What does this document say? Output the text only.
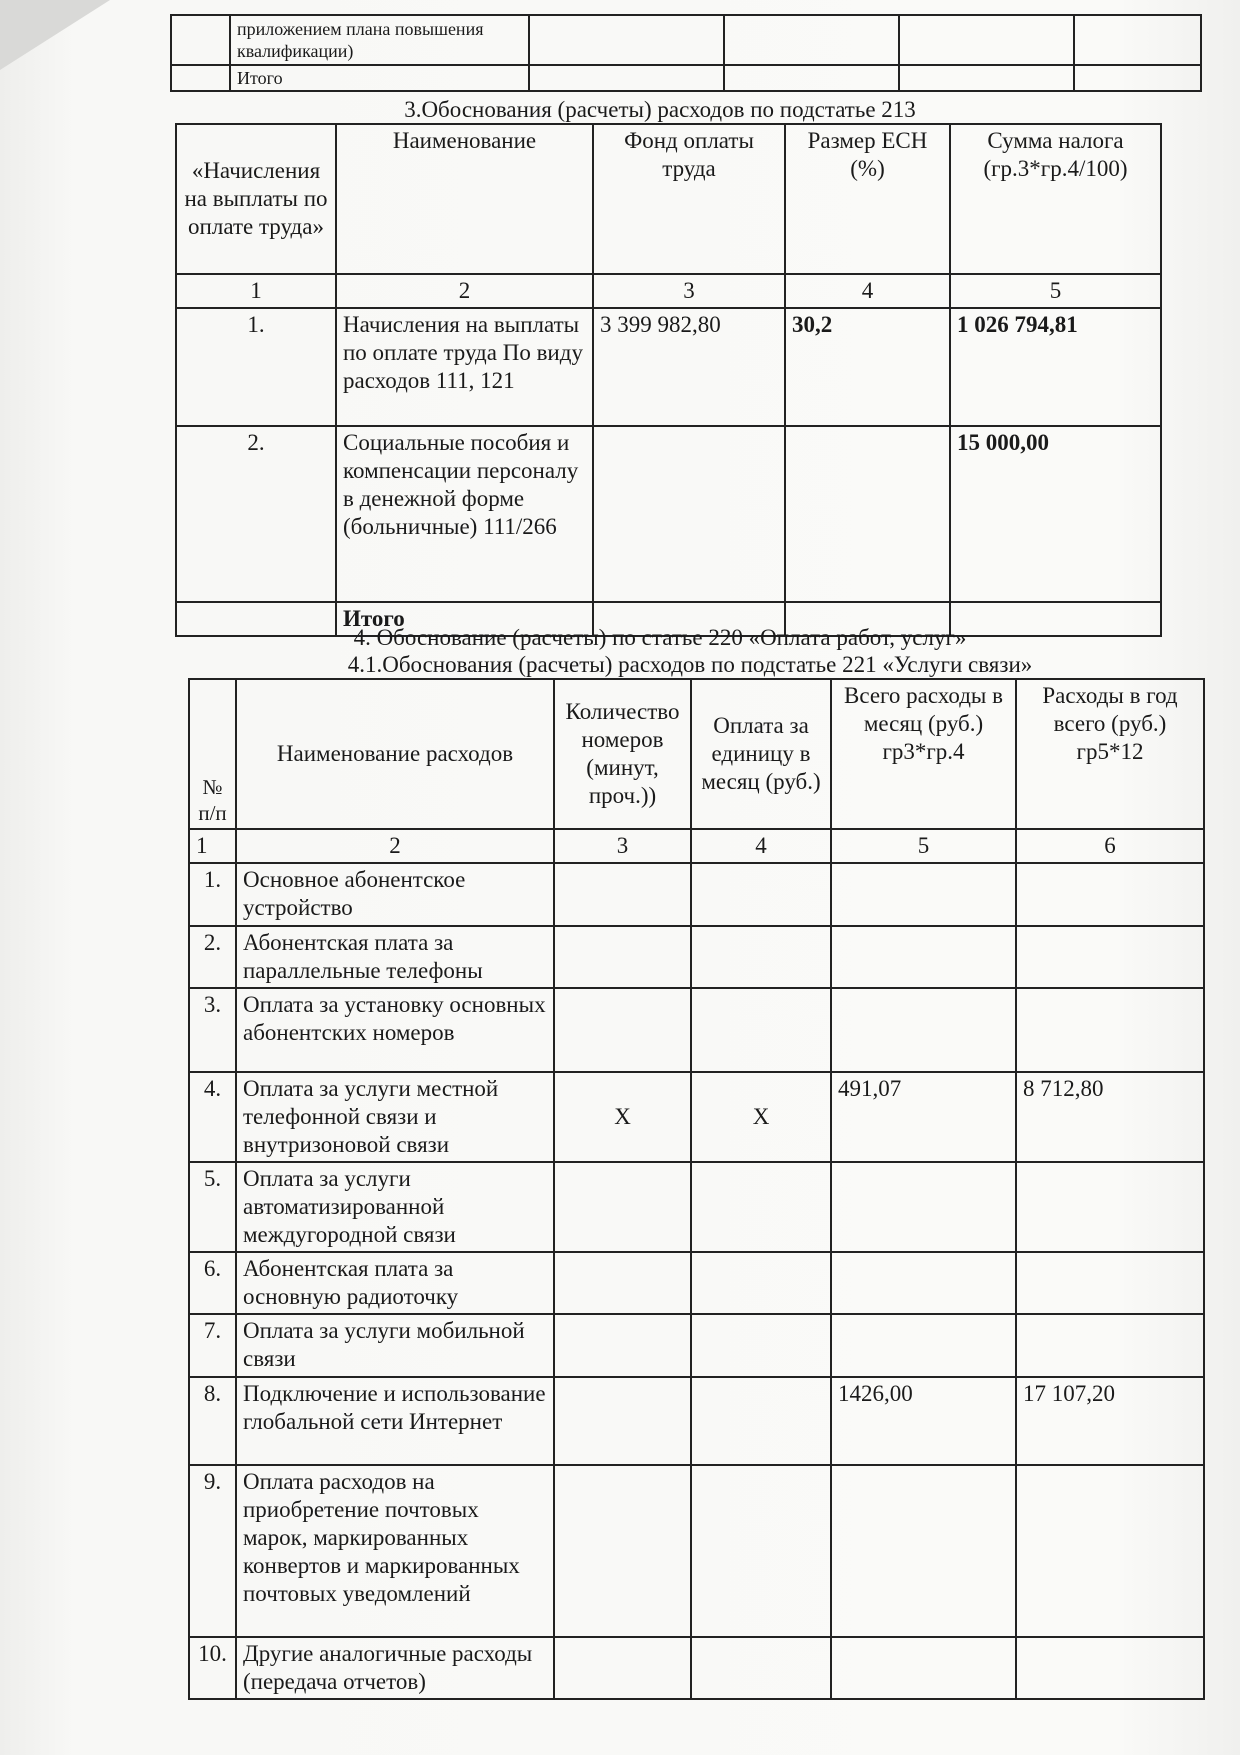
	приложением плана повышения квалификации)				
	Итого				
3.Обоснования (расчеты) расходов по подстатье 213
«Начисления на выплаты по оплате труда»	Наименование	Фонд оплаты труда	Размер ЕСН (%)	Сумма налога (гр.3*гр.4/100)
1	2	3	4	5
1.	Начисления на выплаты по оплате труда По виду расходов 111, 121	3 399 982,80	30,2	1 026 794,81
2.	Социальные пособия и компенсации персоналу в денежной форме (больничные) 111/266			15 000,00
	Итого			
4. Обоснование (расчеты) по статье 220 «Оплата работ, услуг»
4.1.Обоснования (расчеты) расходов по подстатье 221 «Услуги связи»
№ п/п	Наименование расходов	Количество номеров (минут, проч.))	Оплата за единицу в месяц (руб.)	Всего расходы в месяц (руб.) гр3*гр.4	Расходы в год всего (руб.) гр5*12
1	2	3	4	5	6
1.	Основное абонентское устройство				
2.	Абонентская плата за параллельные телефоны				
3.	Оплата за установку основных абонентских номеров				
4.	Оплата за услуги местной телефонной связи и внутризоновой связи	X	X	491,07	8 712,80
5.	Оплата за услуги автоматизированной междугородной связи				
6.	Абонентская плата за основную радиоточку				
7.	Оплата за услуги мобильной связи				
8.	Подключение и использование глобальной сети Интернет			1426,00	17 107,20
9.	Оплата расходов на приобретение почтовых марок, маркированных конвертов и маркированных почтовых уведомлений				
10.	Другие аналогичные расходы (передача отчетов)				
